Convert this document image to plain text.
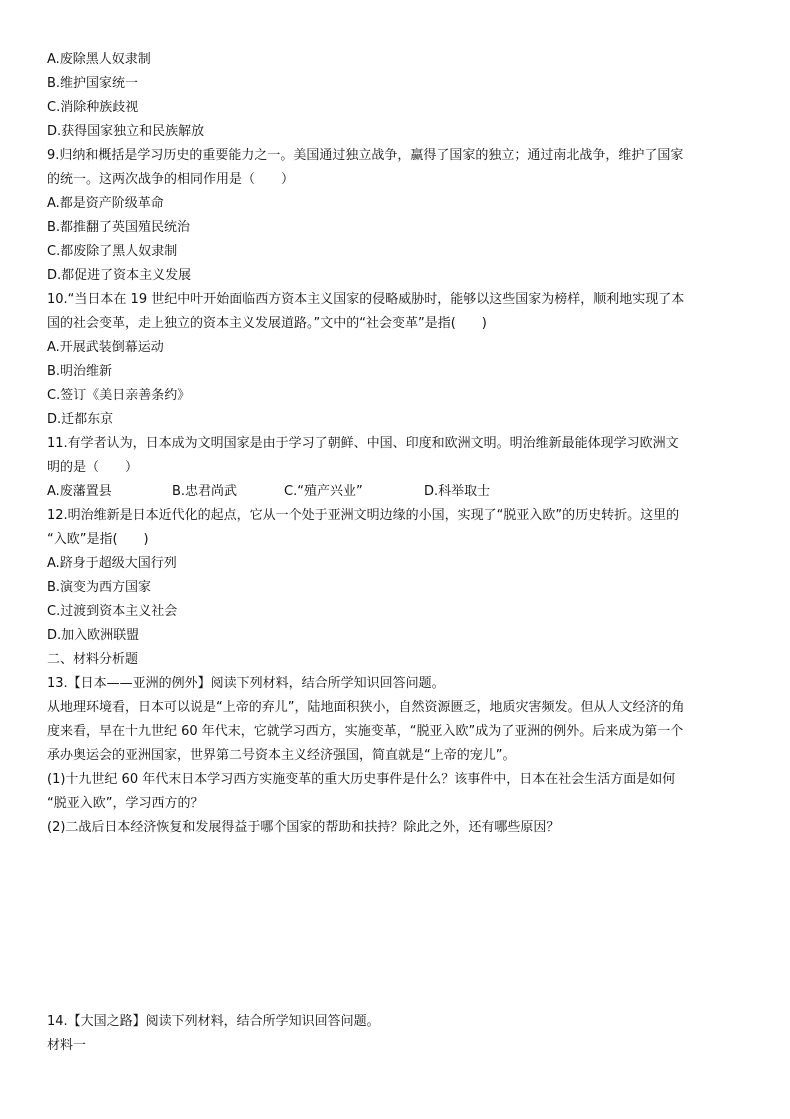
A.废除黑人奴隶制
B.维护国家统一
C.消除种族歧视
D.获得国家独立和民族解放
9.归纳和概括是学习历史的重要能力之一。美国通过独立战争，赢得了国家的独立；通过南北战争，维护了国家
的统一。这两次战争的相同作用是（　　）
A.都是资产阶级革命
B.都推翻了英国殖民统治
C.都废除了黑人奴隶制
D.都促进了资本主义发展
10.“当日本在 19 世纪中叶开始面临西方资本主义国家的侵略威胁时，能够以这些国家为榜样，顺利地实现了本
国的社会变革，走上独立的资本主义发展道路。”文中的“社会变革”是指(　　)
A.开展武装倒幕运动
B.明治维新
C.签订《美日亲善条约》
D.迁都东京
11.有学者认为，日本成为文明国家是由于学习了朝鲜、中国、印度和欧洲文明。明治维新最能体现学习欧洲文
明的是（　　）
A.废藩置县	B.忠君尚武	C.“殖产兴业”	D.科举取士
12.明治维新是日本近代化的起点，它从一个处于亚洲文明边缘的小国，实现了“脱亚入欧”的历史转折。这里的
“入欧”是指(　　)
A.跻身于超级大国行列
B.演变为西方国家
C.过渡到资本主义社会
D.加入欧洲联盟
二、材料分析题
13.【日本——亚洲的例外】阅读下列材料，结合所学知识回答问题。
从地理环境看，日本可以说是“上帝的弃儿”，陆地面积狭小，自然资源匮乏，地质灾害频发。但从人文经济的角
度来看，早在十九世纪 60 年代末，它就学习西方，实施变革，“脱亚入欧”成为了亚洲的例外。后来成为第一个
承办奥运会的亚洲国家，世界第二号资本主义经济强国，简直就是“上帝的宠儿”。
(1)十九世纪 60 年代末日本学习西方实施变革的重大历史事件是什么？该事件中，日本在社会生活方面是如何
“脱亚入欧”，学习西方的？
(2)二战后日本经济恢复和发展得益于哪个国家的帮助和扶持？除此之外，还有哪些原因？
14.【大国之路】阅读下列材料，结合所学知识回答问题。
材料一
